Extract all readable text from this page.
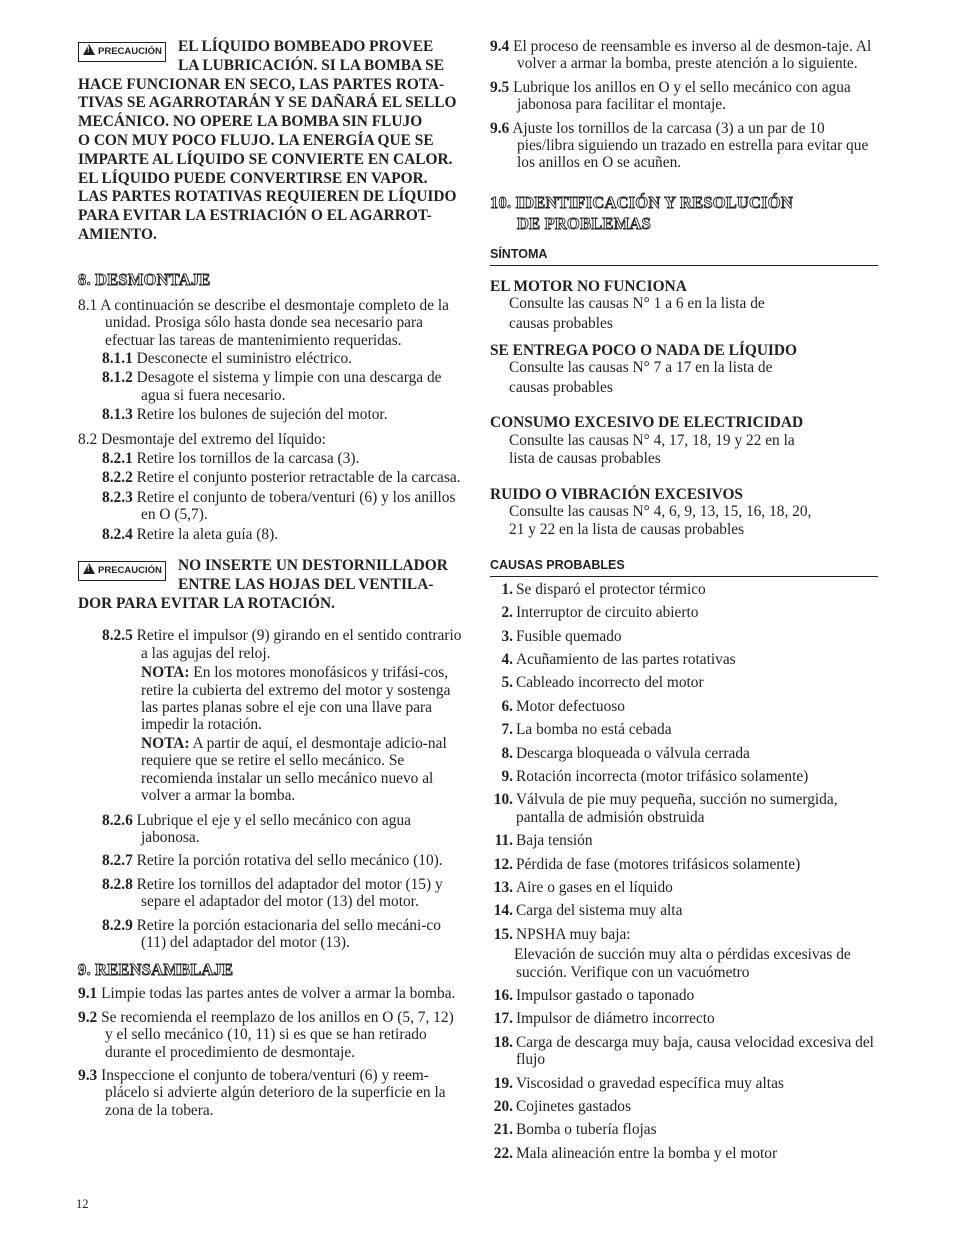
!PRECAUCIÓN	EL LÍQUIDO BOMBEADO PROVEE
LA LUBRICACIÓN. SI LA BOMBA SE
HACE FUNCIONAR EN SECO, LAS PARTES ROTA-
TIVAS SE AGARROTARÁN Y SE DAÑARÁ EL SELLO
MECÁNICO. NO OPERE LA BOMBA SIN FLUJO
O CON MUY POCO FLUJO. LA ENERGÍA QUE SE
IMPARTE AL LÍQUIDO SE CONVIERTE EN CALOR.
EL LÍQUIDO PUEDE CONVERTIRSE EN VAPOR.
LAS PARTES ROTATIVAS REQUIEREN DE LÍQUIDO
PARA EVITAR LA ESTRIACIÓN O EL AGARROT-
AMIENTO.
8. DESMONTAJE
8.1 A continuación se describe el desmontaje completo de la unidad. Prosiga sólo hasta donde sea necesario para efectuar las tareas de mantenimiento requeridas.
8.1.1 Desconecte el suministro eléctrico.
8.1.2 Desagote el sistema y limpie con una descarga de agua si fuera necesario.
8.1.3 Retire los bulones de sujeción del motor.
8.2 Desmontaje del extremo del líquido:
8.2.1 Retire los tornillos de la carcasa (3).
8.2.2 Retire el conjunto posterior retractable de la carcasa.
8.2.3 Retire el conjunto de tobera/venturi (6) y los anillos en O (5,7).
8.2.4 Retire la aleta guía (8).
!PRECAUCIÓN	NO INSERTE UN DESTORNILLADOR
ENTRE LAS HOJAS DEL VENTILA-
DOR PARA EVITAR LA ROTACIÓN.
8.2.5 Retire el impulsor (9) girando en el sentido contrario a las agujas del reloj.
NOTA: En los motores monofásicos y trifási-cos, retire la cubierta del extremo del motor y sostenga las partes planas sobre el eje con una llave para impedir la rotación.
NOTA: A partir de aquí, el desmontaje adicio-nal requiere que se retire el sello mecánico. Se recomienda instalar un sello mecánico nuevo al volver a armar la bomba.
8.2.6 Lubrique el eje y el sello mecánico con agua jabonosa.
8.2.7 Retire la porción rotativa del sello mecánico (10).
8.2.8 Retire los tornillos del adaptador del motor (15) y separe el adaptador del motor (13) del motor.
8.2.9 Retire la porción estacionaria del sello mecáni-co (11) del adaptador del motor (13).
9. REENSAMBLAJE
9.1 Limpie todas las partes antes de volver a armar la bomba.
9.2 Se recomienda el reemplazo de los anillos en O (5, 7, 12) y el sello mecánico (10, 11) si es que se han retirado durante el procedimiento de desmontaje.
9.3 Inspeccione el conjunto de tobera/venturi (6) y reem-plácelo si advierte algún deterioro de la superficie en la zona de la tobera.
9.4 El proceso de reensamble es inverso al de desmon-taje. Al volver a armar la bomba, preste atención a lo siguiente.
9.5 Lubrique los anillos en O y el sello mecánico con agua jabonosa para facilitar el montaje.
9.6 Ajuste los tornillos de la carcasa (3) a un par de 10 pies/libra siguiendo un trazado en estrella para evitar que los anillos en O se acuñen.
10. IDENTIFICACIÓN Y RESOLUCIÓN
DE PROBLEMAS
SÍNTOMA
EL MOTOR NO FUNCIONA
Consulte las causas N° 1 a 6 en la lista de
causas probables
SE ENTREGA POCO O NADA DE LÍQUIDO
Consulte las causas N° 7 a 17 en la lista de
causas probables
CONSUMO EXCESIVO DE ELECTRICIDAD
Consulte las causas N° 4, 17, 18, 19 y 22 en la
lista de causas probables
RUIDO O VIBRACIÓN EXCESIVOS
Consulte las causas N° 4, 6, 9, 13, 15, 16, 18, 20,
21 y 22 en la lista de causas probables
CAUSAS PROBABLES
1. Se disparó el protector térmico
2. Interruptor de circuito abierto
3. Fusible quemado
4. Acuñamiento de las partes rotativas
5. Cableado incorrecto del motor
6. Motor defectuoso
7. La bomba no está cebada
8. Descarga bloqueada o válvula cerrada
9. Rotación incorrecta (motor trifásico solamente)
10. Válvula de pie muy pequeña, succión no sumergida, pantalla de admisión obstruida
11. Baja tensión
12. Pérdida de fase (motores trifásicos solamente)
13. Aire o gases en el líquido
14. Carga del sistema muy alta
15. NPSHA muy baja:
Elevación de succión muy alta o pérdidas excesivas de succión. Verifique con un vacuómetro
16. Impulsor gastado o taponado
17. Impulsor de diámetro incorrecto
18. Carga de descarga muy baja, causa velocidad excesiva del flujo
19. Viscosidad o gravedad específica muy altas
20. Cojinetes gastados
21. Bomba o tubería flojas
22. Mala alineación entre la bomba y el motor
12
